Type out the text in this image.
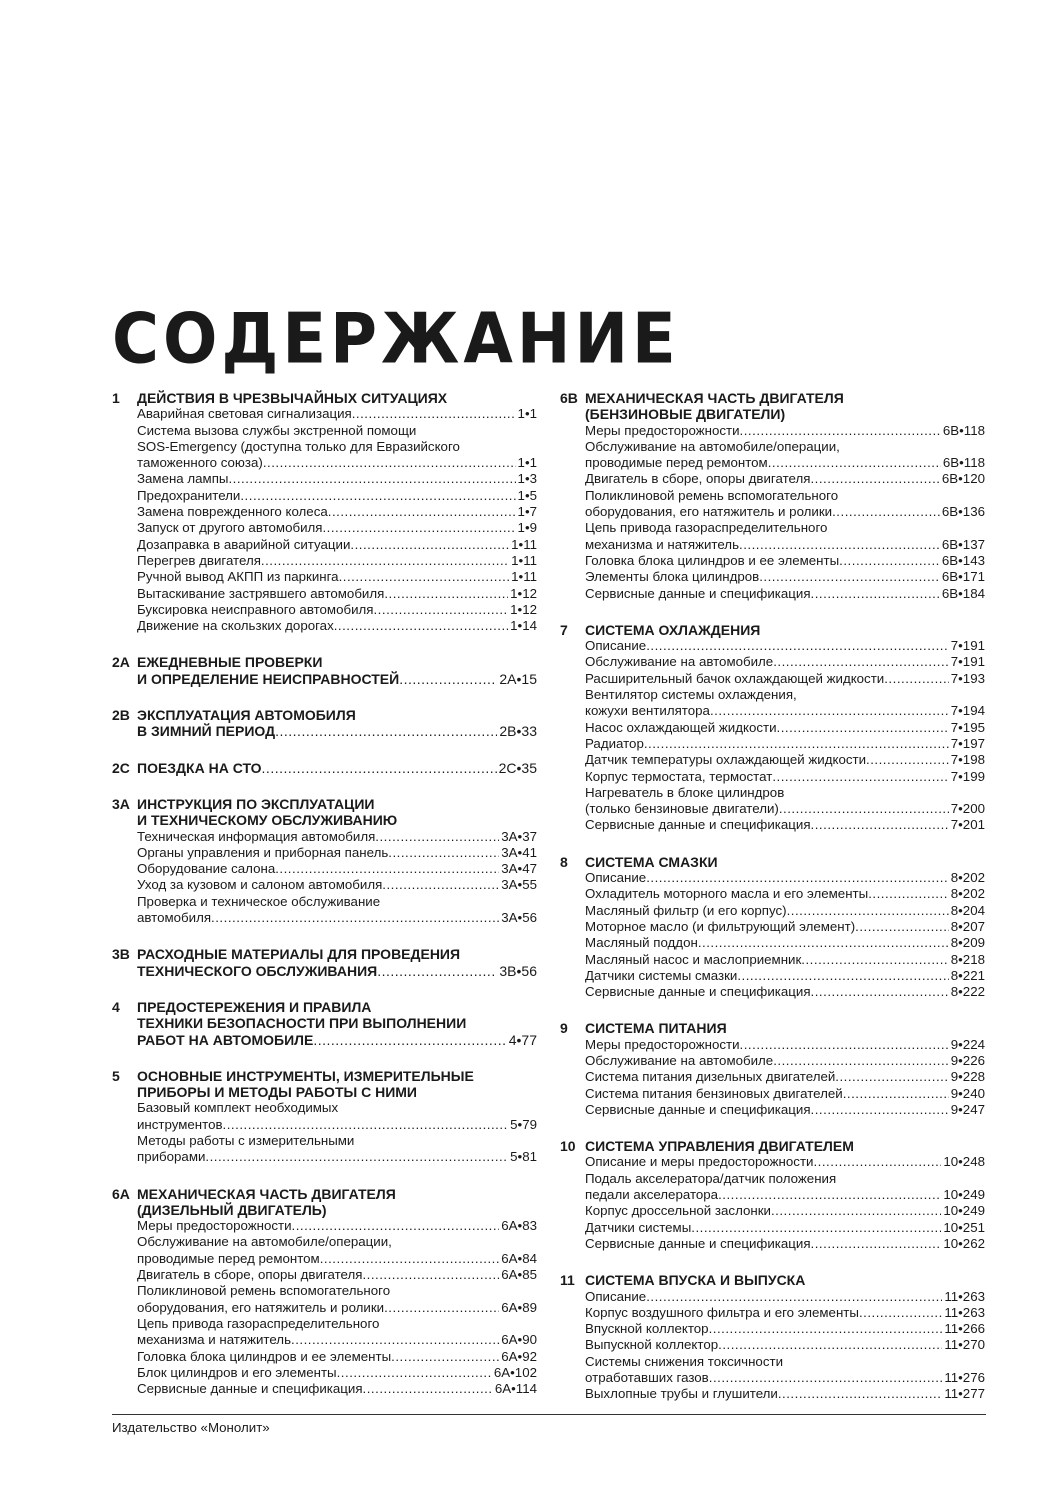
СОДЕРЖАНИЕ
1	ДЕЙСТВИЯ В ЧРЕЗВЫЧАЙНЫХ СИТУАЦИЯХ
Аварийная световая сигнализация .....	1•1
Система вызова службы экстренной помощи
SOS-Emergency (доступна только для Евразийского
таможенного союза) .....	1•1
Замена лампы .....	1•3
Предохранители .....	1•5
Замена поврежденного колеса .....	1•7
Запуск от другого автомобиля .....	1•9
Дозаправка в аварийной ситуации .....	1•11
Перегрев двигателя .....	1•11
Ручной вывод АКПП из паркинга .....	1•11
Вытаскивание застрявшего автомобиля .....	1•12
Буксировка неисправного автомобиля .....	1•12
Движение на скользких дорогах .....	1•14
2A ЕЖЕДНЕВНЫЕ ПРОВЕРКИ
И ОПРЕДЕЛЕНИЕ НЕИСПРАВНОСТЕЙ .....	2A•15
2B ЭКСПЛУАТАЦИЯ АВТОМОБИЛЯ
В ЗИМНИЙ ПЕРИОД .....	2B•33
2C ПОЕЗДКА НА СТО .....	2C•35
3A ИНСТРУКЦИЯ ПО ЭКСПЛУАТАЦИИ
И ТЕХНИЧЕСКОМУ ОБСЛУЖИВАНИЮ
Техническая информация автомобиля .....	3A•37
Органы управления и приборная панель .....	3A•41
Оборудование салона .....	3A•47
Уход за кузовом и салоном автомобиля .....	3A•55
Проверка и техническое обслуживание
автомобиля .....	3A•56
3B РАСХОДНЫЕ МАТЕРИАЛЫ ДЛЯ ПРОВЕДЕНИЯ
ТЕХНИЧЕСКОГО ОБСЛУЖИВАНИЯ .....	3B•56
4	ПРЕДОСТЕРЕЖЕНИЯ И ПРАВИЛА
ТЕХНИКИ БЕЗОПАСНОСТИ ПРИ ВЫПОЛНЕНИИ
РАБОТ НА АВТОМОБИЛЕ .....	4•77
5	ОСНОВНЫЕ ИНСТРУМЕНТЫ, ИЗМЕРИТЕЛЬНЫЕ
ПРИБОРЫ И МЕТОДЫ РАБОТЫ С НИМИ
Базовый комплект необходимых
инструментов .....	5•79
Методы работы с измерительными
приборами .....	5•81
6A МЕХАНИЧЕСКАЯ ЧАСТЬ ДВИГАТЕЛЯ
(ДИЗЕЛЬНЫЙ ДВИГАТЕЛЬ)
Меры предосторожности .....	6A•83
Обслуживание на автомобиле/операции,
проводимые перед ремонтом .....	6A•84
Двигатель в сборе, опоры двигателя .....	6A•85
Поликлиновой ремень вспомогательного
оборудования, его натяжитель и ролики .....	6A•89
Цепь привода газораспределительного
механизма и натяжитель .....	6A•90
Головка блока цилиндров и ее элементы .....	6A•92
Блок цилиндров и его элементы .....	6A•102
Сервисные данные и спецификация .....	6A•114
6B МЕХАНИЧЕСКАЯ ЧАСТЬ ДВИГАТЕЛЯ
(БЕНЗИНОВЫЕ ДВИГАТЕЛИ)
Меры предосторожности .....	6B•118
Обслуживание на автомобиле/операции,
проводимые перед ремонтом .....	6B•118
Двигатель в сборе, опоры двигателя .....	6B•120
Поликлиновой ремень вспомогательного
оборудования, его натяжитель и ролики .....	6B•136
Цепь привода газораспределительного
механизма и натяжитель .....	6B•137
Головка блока цилиндров и ее элементы .....	6B•143
Элементы блока цилиндров .....	6B•171
Сервисные данные и спецификация .....	6B•184
7	СИСТЕМА ОХЛАЖДЕНИЯ
Описание .....	7•191
Обслуживание на автомобиле .....	7•191
Расширительный бачок охлаждающей жидкости .....	7•193
Вентилятор системы охлаждения,
кожухи вентилятора .....	7•194
Насос охлаждающей жидкости .....	7•195
Радиатор .....	7•197
Датчик температуры охлаждающей жидкости .....	7•198
Корпус термостата, термостат .....	7•199
Нагреватель в блоке цилиндров
(только бензиновые двигатели) .....	7•200
Сервисные данные и спецификация .....	7•201
8	СИСТЕМА СМАЗКИ
Описание .....	8•202
Охладитель моторного масла и его элементы .....	8•202
Масляный фильтр (и его корпус) .....	8•204
Моторное масло (и фильтрующий элемент) .....	8•207
Масляный поддон .....	8•209
Масляный насос и маслоприемник .....	8•218
Датчики системы смазки .....	8•221
Сервисные данные и спецификация .....	8•222
9	СИСТЕМА ПИТАНИЯ
Меры предосторожности .....	9•224
Обслуживание на автомобиле .....	9•226
Система питания дизельных двигателей .....	9•228
Система питания бензиновых двигателей .....	9•240
Сервисные данные и спецификация .....	9•247
10 СИСТЕМА УПРАВЛЕНИЯ ДВИГАТЕЛЕМ
Описание и меры предосторожности .....	10•248
Подаль акселератора/датчик положения
педали акселератора .....	10•249
Корпус дроссельной заслонки .....	10•249
Датчики системы .....	10•251
Сервисные данные и спецификация .....	10•262
11 СИСТЕМА ВПУСКА И ВЫПУСКА
Описание .....	11•263
Корпус воздушного фильтра и его элементы .....	11•263
Впускной коллектор .....	11•266
Выпускной коллектор .....	11•270
Системы снижения токсичности
отработавших газов .....	11•276
Выхлопные трубы и глушители .....	11•277
Издательство «Монолит»
